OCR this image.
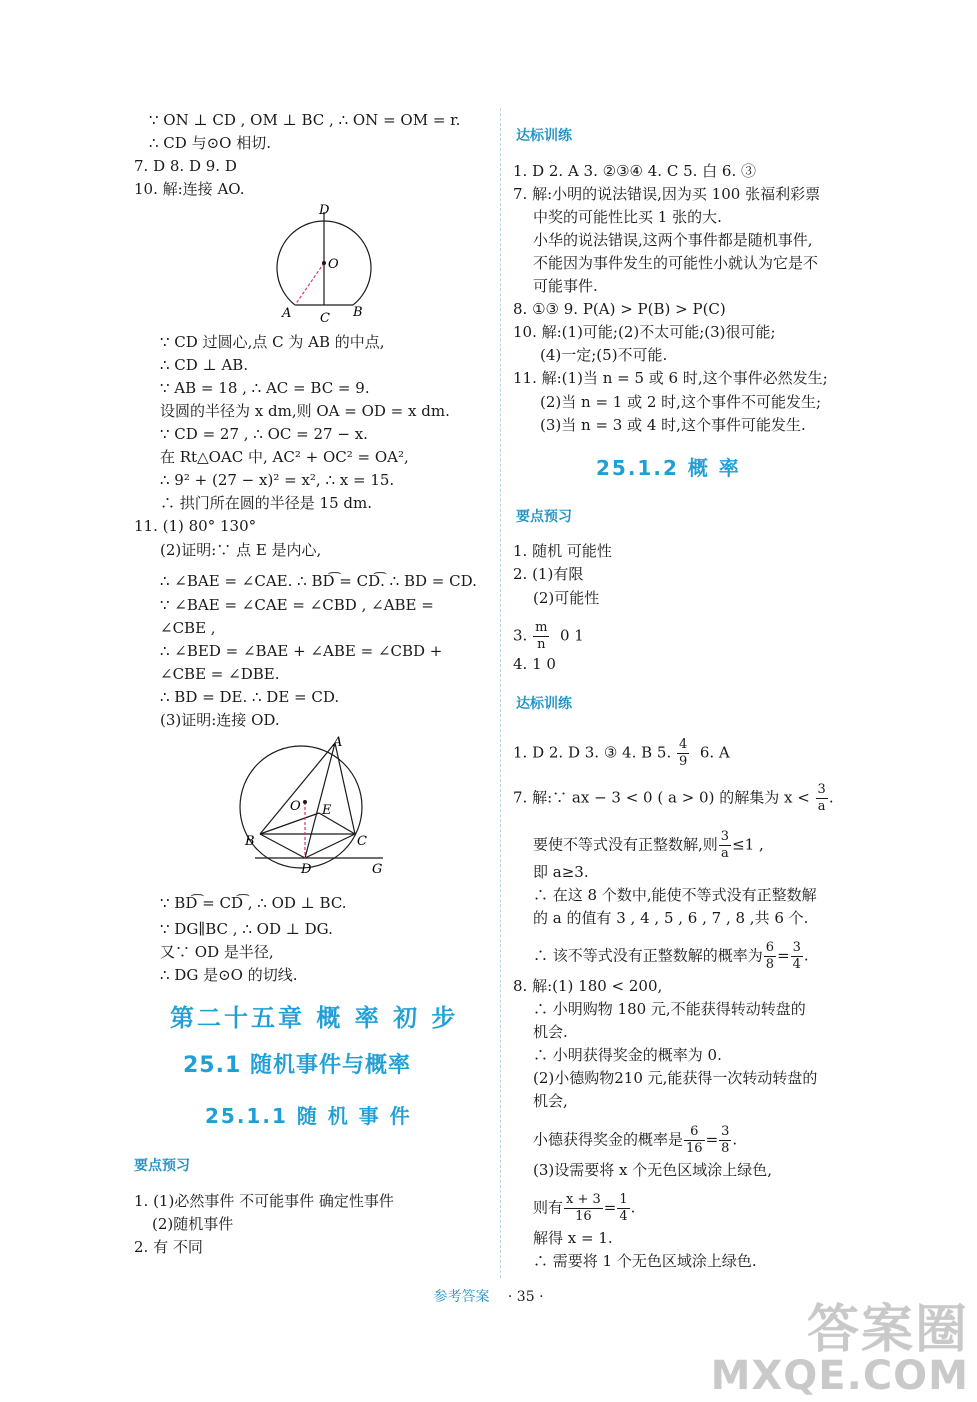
∵ ON ⊥ CD , OM ⊥ BC , ∴ ON = OM = r.
∴ CD 与⊙O 相切.
7. D 8. D 9. D
10. 解:连接 AO.
D
O
A C B
∵ CD 过圆心,点 C 为 AB 的中点,
∴ CD ⊥ AB.
∵ AB = 18 , ∴ AC = BC = 9.
设圆的半径为 x dm,则 OA = OD = x dm.
∵ CD = 27 , ∴ OC = 27 − x.
在 Rt△OAC 中, AC² + OC² = OA²,
∴ 9² + (27 − x)² = x², ∴ x = 15.
∴ 拱门所在圆的半径是 15 dm.
11. (1) 80° 130°
(2)证明:∵ 点 E 是内心,
∴ ∠BAE = ∠CAE. ∴ BD͡ = CD͡. ∴ BD = CD.
∵ ∠BAE = ∠CAE = ∠CBD , ∠ABE =
∠CBE ,
∴ ∠BED = ∠BAE + ∠ABE = ∠CBD +
∠CBE = ∠DBE.
∴ BD = DE. ∴ DE = CD.
(3)证明:连接 OD.
A
O E
B	C
D	G
∵ BD͡ = CD͡ , ∴ OD ⊥ BC.
∵ DG∥BC , ∴ OD ⊥ DG.
又∵ OD 是半径,
∴ DG 是⊙O 的切线.
第二十五章 概 率 初 步
25.1 随机事件与概率
25.1.1 随 机 事 件
要点预习
1. (1)必然事件 不可能事件 确定性事件
(2)随机事件
2. 有 不同
达标训练
1. D 2. A 3. ②③④ 4. C 5. 白 6. ③
7. 解:小明的说法错误,因为买 100 张福利彩票
中奖的可能性比买 1 张的大.
小华的说法错误,这两个事件都是随机事件,
不能因为事件发生的可能性小就认为它是不
可能事件.
8. ①③ 9. P(A) > P(B) > P(C)
10. 解:(1)可能;(2)不太可能;(3)很可能;
(4)一定;(5)不可能.
11. 解:(1)当 n = 5 或 6 时,这个事件必然发生;
(2)当 n = 1 或 2 时,这个事件不可能发生;
(3)当 n = 3 或 4 时,这个事件可能发生.
25.1.2 概 率
要点预习
1. 随机 可能性
2. (1)有限
(2)可能性
3. $\frac{m}{n} 0$ 1
4. 1 0
达标训练
1. D 2. D 3. ③ 4. B 5. $\frac{4}{9} 6$. A
7. 解:∵ ax − 3 < 0 ( a > 0) 的解集为 $x < \frac{3}{a}$ .
要使不等式没有正整数解,则 $\frac{3}{a} \le 1$ ,
即 a≥3.
∴ 在这 8 个数中,能使不等式没有正整数解
的 a 的值有 3 , 4 , 5 , 6 , 7 , 8 ,共 6 个.
∴ 该不等式没有正整数解的概率为 $\frac{6}{8} = \frac{3}{4}$ .
8. 解:(1) 180 < 200,
∴ 小明购物 180 元,不能获得转动转盘的
机会.
∴ 小明获得奖金的概率为 0.
(2)小德购物210 元,能获得一次转动转盘的
机会,
小德获得奖金的概率是 $\frac{6}{16} = \frac{3}{8}$ .
(3)设需要将 x 个无色区域涂上绿色,
则有 $\frac{x + 3}{16} = \frac{1}{4}$ .
解得 x = 1.
∴ 需要将 1 个无色区域涂上绿色.
参考答案 · 35 ·
答案圈
MXQE.COM
